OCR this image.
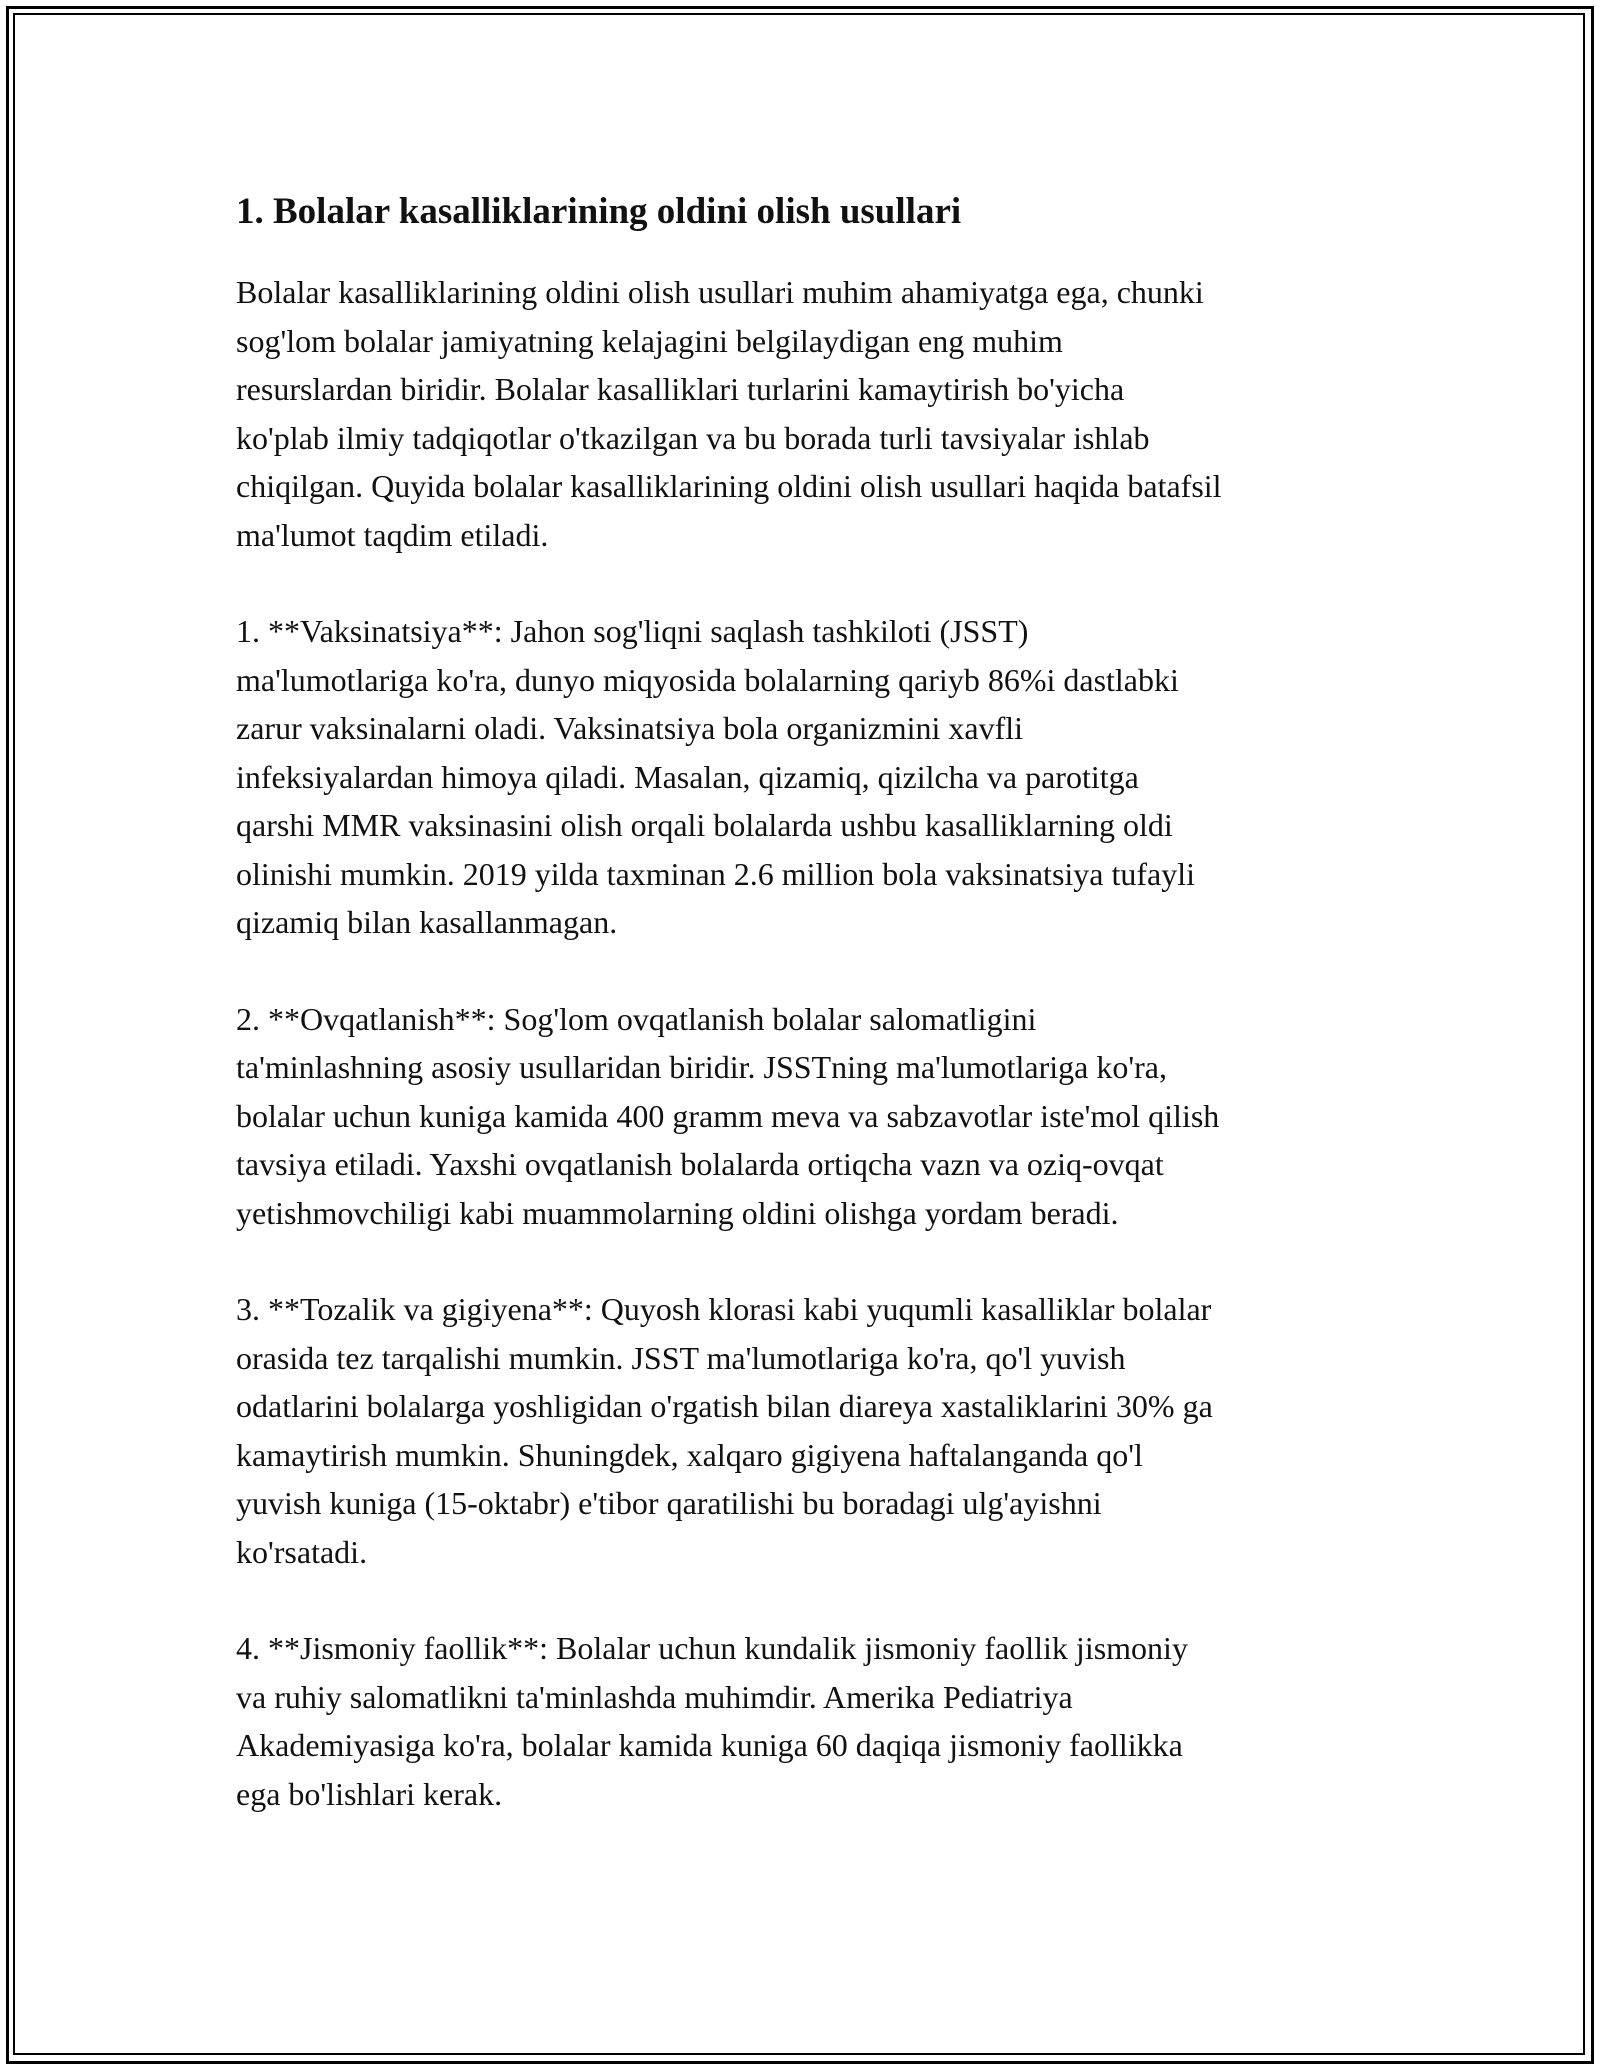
1. Bolalar kasalliklarining oldini olish usullari

Bolalar kasalliklarining oldini olish usullari muhim ahamiyatga ega, chunki
sog'lom bolalar jamiyatning kelajagini belgilaydigan eng muhim
resurslardan biridir. Bolalar kasalliklari turlarini kamaytirish bo'yicha
ko'plab ilmiy tadqiqotlar o'tkazilgan va bu borada turli tavsiyalar ishlab
chiqilgan. Quyida bolalar kasalliklarining oldini olish usullari haqida batafsil
ma'lumot taqdim etiladi.

1. **Vaksinatsiya**: Jahon sog'liqni saqlash tashkiloti (JSST)
ma'lumotlariga ko'ra, dunyo miqyosida bolalarning qariyb 86%i dastlabki
zarur vaksinalarni oladi. Vaksinatsiya bola organizmini xavfli
infeksiyalardan himoya qiladi. Masalan, qizamiq, qizilcha va parotitga
qarshi MMR vaksinasini olish orqali bolalarda ushbu kasalliklarning oldi
olinishi mumkin. 2019 yilda taxminan 2.6 million bola vaksinatsiya tufayli
qizamiq bilan kasallanmagan.

2. **Ovqatlanish**: Sog'lom ovqatlanish bolalar salomatligini
ta'minlashning asosiy usullaridan biridir. JSSTning ma'lumotlariga ko'ra,
bolalar uchun kuniga kamida 400 gramm meva va sabzavotlar iste'mol qilish
tavsiya etiladi. Yaxshi ovqatlanish bolalarda ortiqcha vazn va oziq-ovqat
yetishmovchiligi kabi muammolarning oldini olishga yordam beradi.

3. **Tozalik va gigiyena**: Quyosh klorasi kabi yuqumli kasalliklar bolalar
orasida tez tarqalishi mumkin. JSST ma'lumotlariga ko'ra, qo'l yuvish
odatlarini bolalarga yoshligidan o'rgatish bilan diareya xastaliklarini 30% ga
kamaytirish mumkin. Shuningdek, xalqaro gigiyena haftalanganda qo'l
yuvish kuniga (15-oktabr) e'tibor qaratilishi bu boradagi ulg'ayishni
ko'rsatadi.

4. **Jismoniy faollik**: Bolalar uchun kundalik jismoniy faollik jismoniy
va ruhiy salomatlikni ta'minlashda muhimdir. Amerika Pediatriya
Akademiyasiga ko'ra, bolalar kamida kuniga 60 daqiqa jismoniy faollikka
ega bo'lishlari kerak.
